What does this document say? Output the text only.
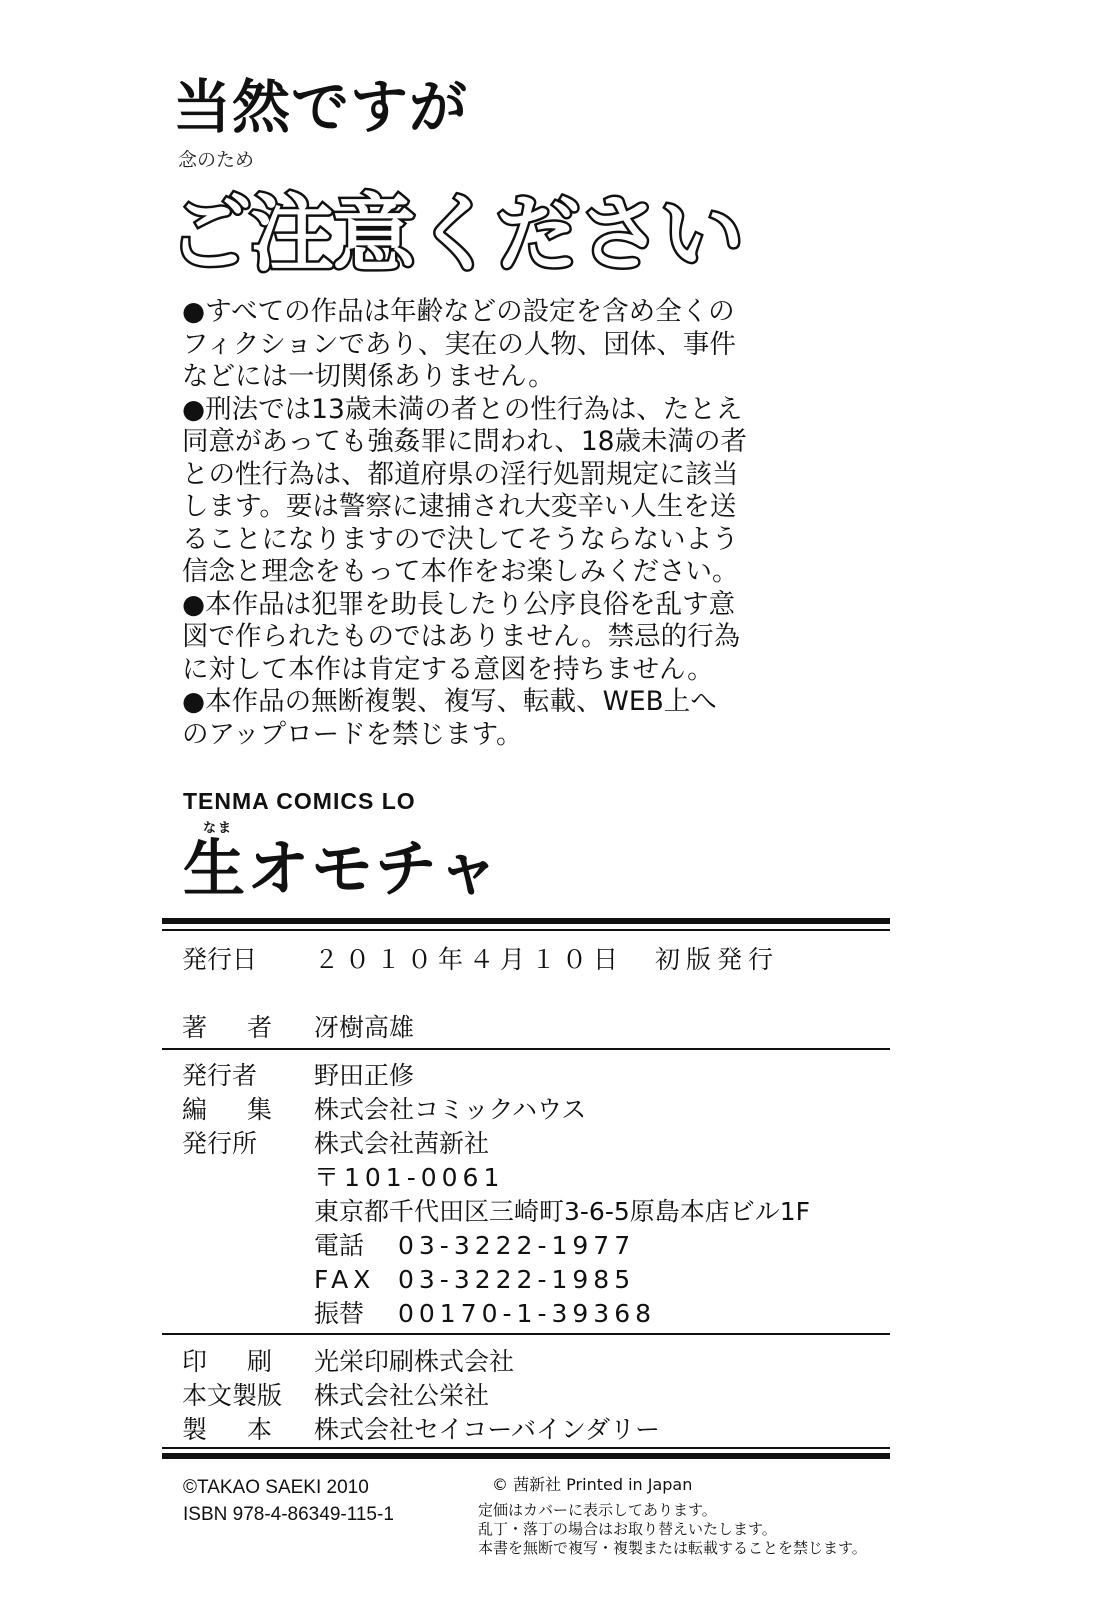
当然ですが
念のため
ご注意ください

●すべての作品は年齢などの設定を含め全くの

フィクションであり、実在の人物、団体、事件

などには一切関係ありません。

●刑法では13歳未満の者との性行為は、たとえ

同意があっても強姦罪に問われ、18歳未満の者

との性行為は、都道府県の淫行処罰規定に該当

します。要は警察に逮捕され大変辛い人生を送

ることになりますので決してそうならないよう

信念と理念をもって本作をお楽しみください。

●本作品は犯罪を助長したり公序良俗を乱す意

図で作られたものではありません。禁忌的行為

に対して本作は肯定する意図を持ちません。

●本作品の無断複製、複写、転載、WEB上へ

のアップロードを禁じます。

TENMA COMICS LO
なま
生オモチャ
発行日 ２０１０年４月１０日　初版発行
著 者 冴樹高雄
発行者 野田正修
編 集 株式会社コミックハウス
発行所 株式会社茜新社
〒101-0061
東京都千代田区三崎町3-6-5原島本店ビル1F
電話 03-3222-1977
FAX 03-3222-1985
振替 00170-1-39368
印 刷 光栄印刷株式会社
本文製版 株式会社公栄社
製 本 株式会社セイコーバインダリー
©TAKAO SAEKI 2010
ISBN 978-4-86349-115-1
© 茜新社 Printed in Japan
定価はカバーに表示してあります。
乱丁・落丁の場合はお取り替えいたします。
本書を無断で複写・複製または転載することを禁じます。
